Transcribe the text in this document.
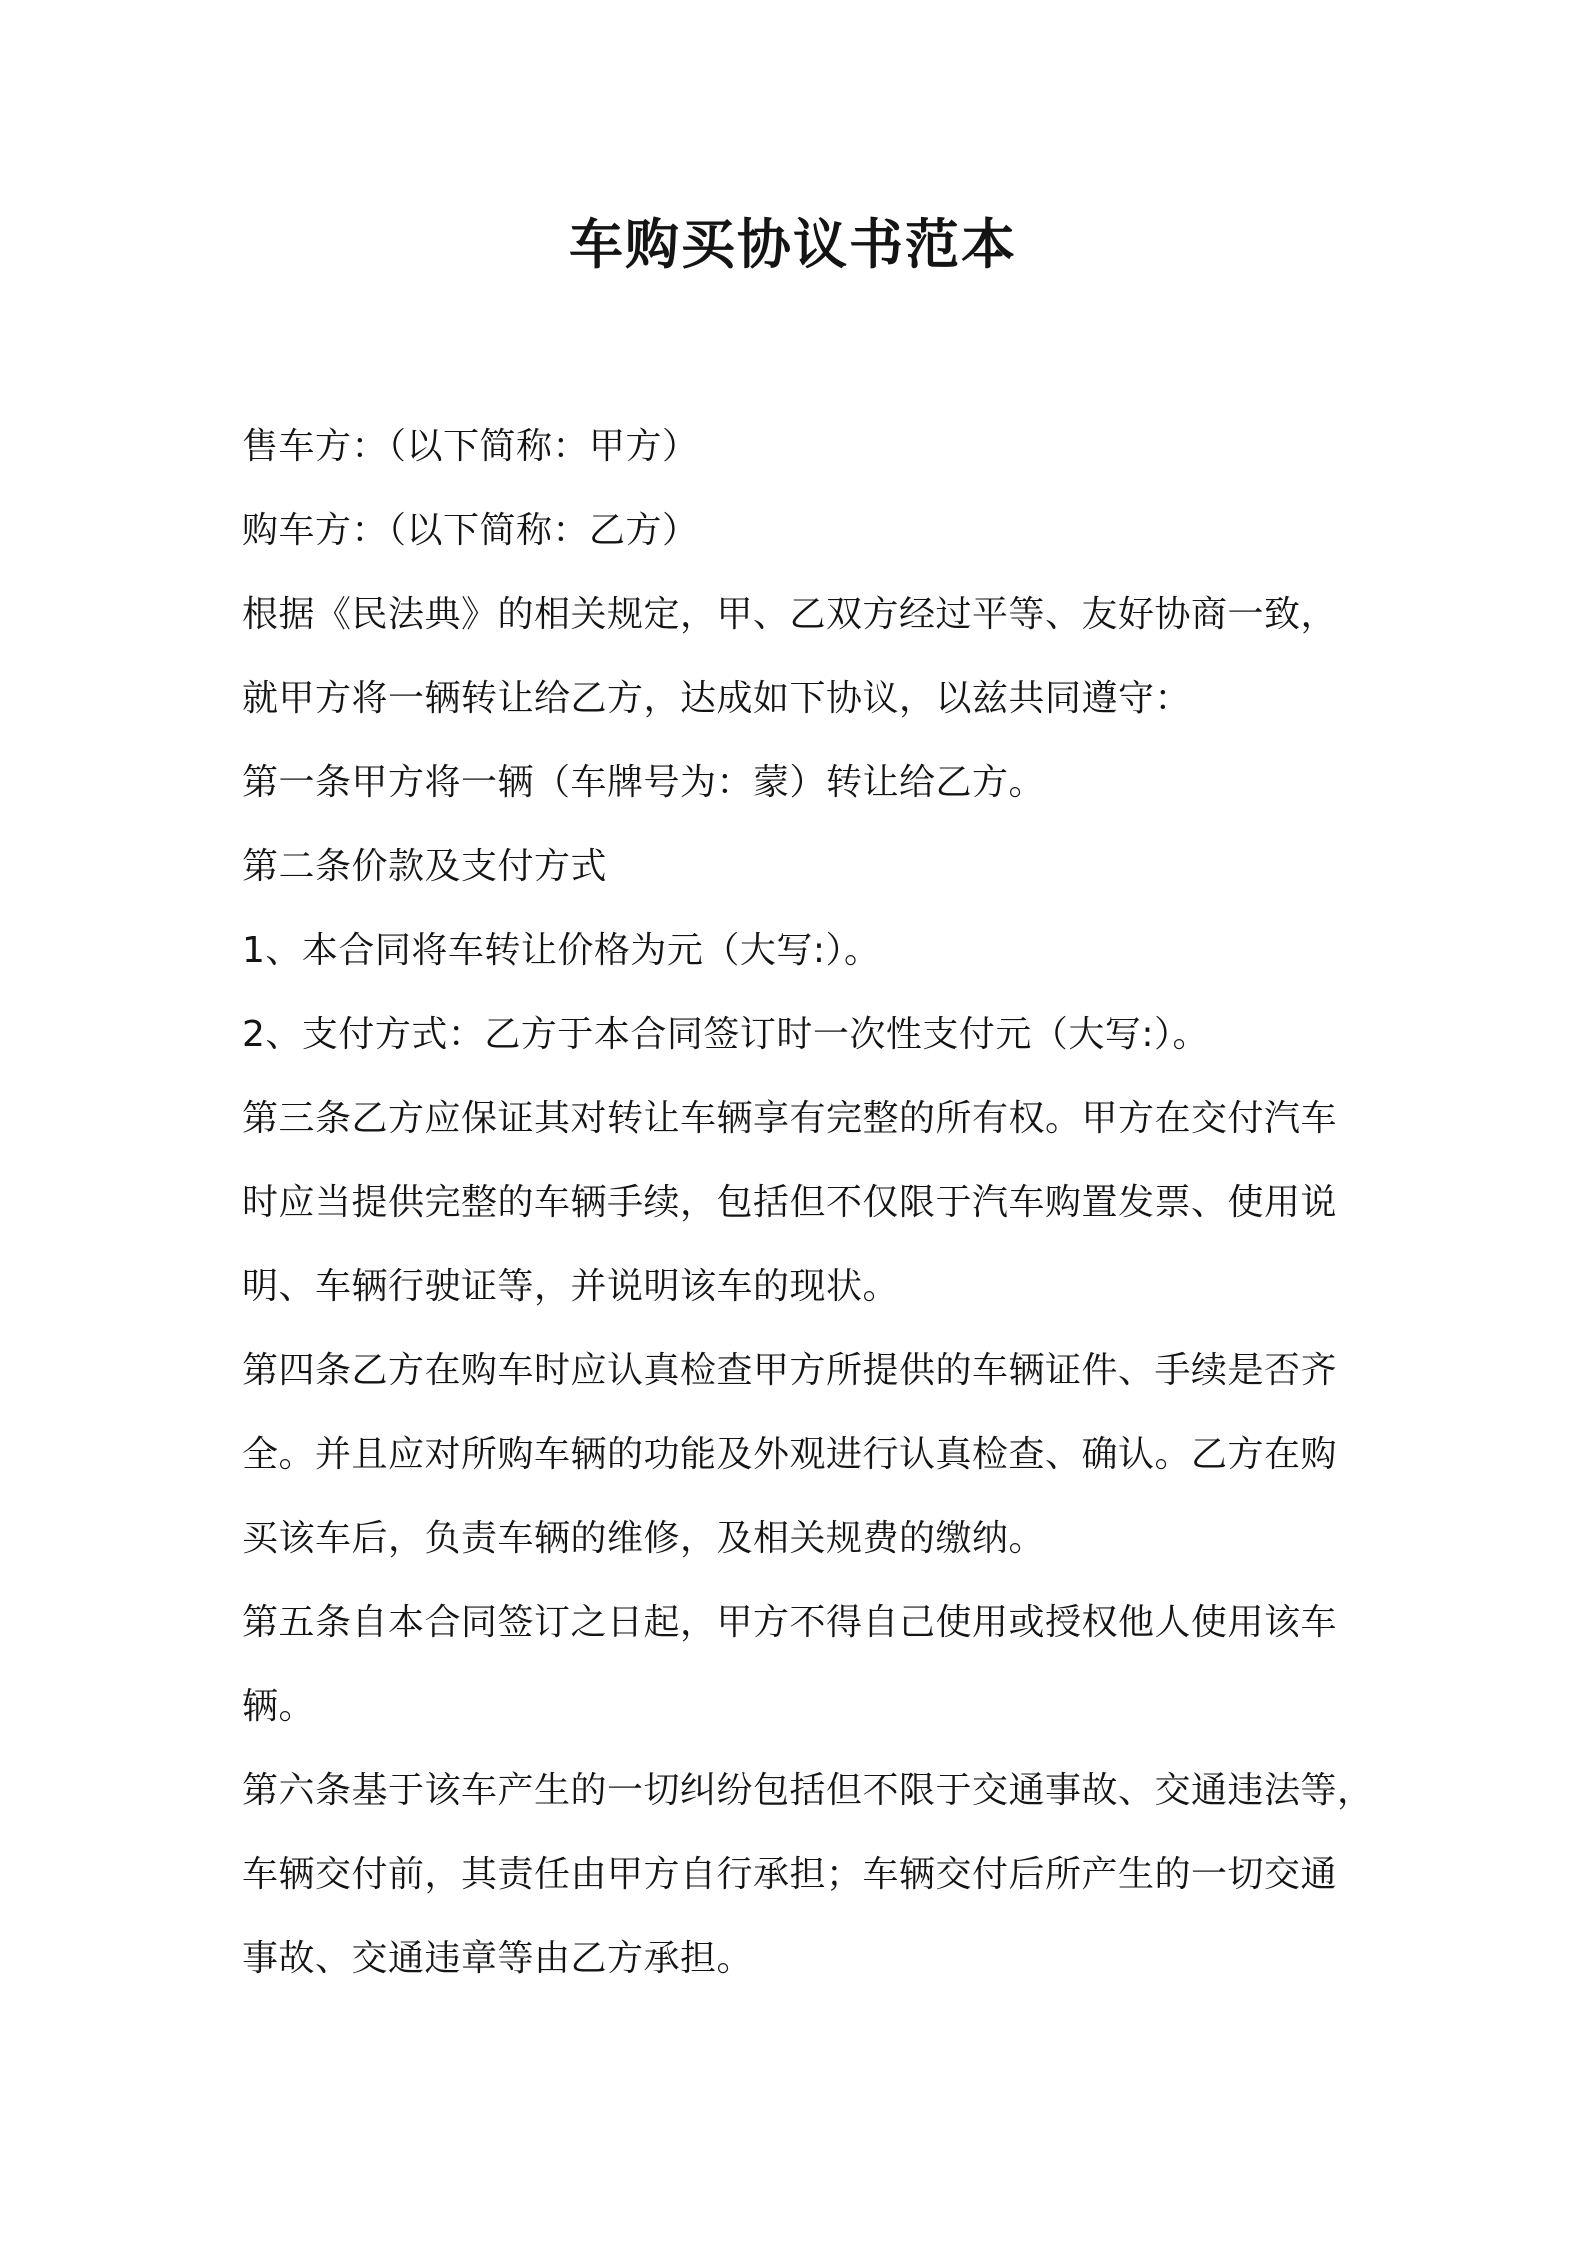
车购买协议书范本
售车方：（以下简称：甲方）
购车方：（以下简称：乙方）
根据《民法典》的相关规定，甲、乙双方经过平等、友好协商一致，
就甲方将一辆转让给乙方，达成如下协议，以兹共同遵守：
第一条甲方将一辆（车牌号为：蒙）转让给乙方。
第二条价款及支付方式
1、本合同将车转让价格为元（大写:）。
2、支付方式：乙方于本合同签订时一次性支付元（大写:）。
第三条乙方应保证其对转让车辆享有完整的所有权。甲方在交付汽车
时应当提供完整的车辆手续，包括但不仅限于汽车购置发票、使用说
明、车辆行驶证等，并说明该车的现状。
第四条乙方在购车时应认真检查甲方所提供的车辆证件、手续是否齐
全。并且应对所购车辆的功能及外观进行认真检查、确认。乙方在购
买该车后，负责车辆的维修，及相关规费的缴纳。
第五条自本合同签订之日起，甲方不得自己使用或授权他人使用该车
辆。
第六条基于该车产生的一切纠纷包括但不限于交通事故、交通违法等，
车辆交付前，其责任由甲方自行承担；车辆交付后所产生的一切交通
事故、交通违章等由乙方承担。
